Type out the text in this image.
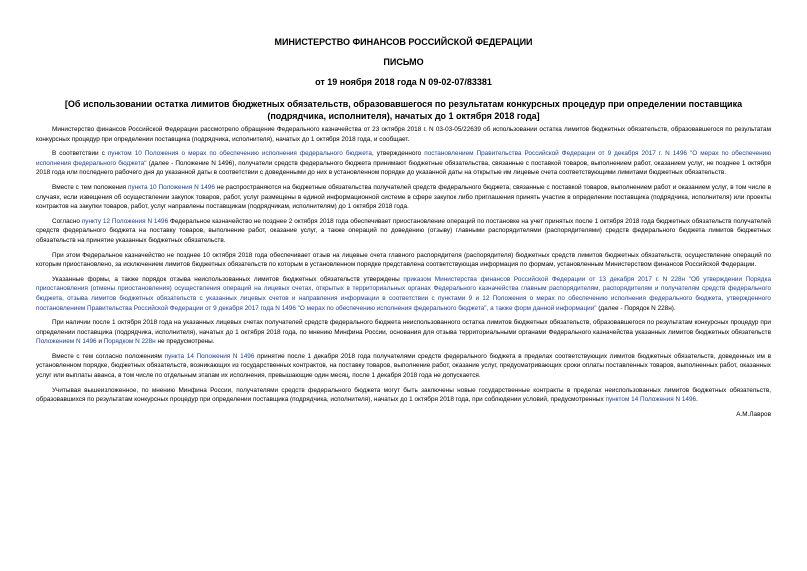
МИНИСТЕРСТВО ФИНАНСОВ РОССИЙСКОЙ ФЕДЕРАЦИИ
ПИСЬМО
от 19 ноября 2018 года N 09-02-07/83381
[Об использовании остатка лимитов бюджетных обязательств, образовавшегося по результатам конкурсных процедур при определении поставщика (подрядчика, исполнителя), начатых до 1 октября 2018 года]

Министерство финансов Российской Федерации рассмотрело обращение Федерального казначейства от 23 октября 2018 г. N 03-03-05/22639 об использовании остатка лимитов бюджетных обязательств, образовавшегося по результатам конкурсных процедур при определении поставщика (подрядчика, исполнителя), начатых до 1 октября 2018 года, и сообщает.

В соответствии с пунктом 10 Положения о мерах по обеспечению исполнения федерального бюджета, утвержденного постановлением Правительства Российской Федерации от 9 декабря 2017 г. N 1496 "О мерах по обеспечению исполнения федерального бюджета" (далее - Положение N 1496), получатели средств федерального бюджета принимают бюджетные обязательства, связанные с поставкой товаров, выполнением работ, оказанием услуг, не позднее 1 октября 2018 года или последнего рабочего дня до указанной даты в соответствии с доведенными до них в установленном порядке до указанной даты на открытые им лицевые счета соответствующими лимитами бюджетных обязательств.

Вместе с тем положения пункта 10 Положения N 1496 не распространяются на бюджетные обязательства получателей средств федерального бюджета, связанные с поставкой товаров, выполнением работ и оказанием услуг, в том числе в случаях, если извещения об осуществлении закупок товаров, работ, услуг размещены в единой информационной системе в сфере закупок либо приглашения принять участие в определении поставщика (подрядчика, исполнителя) или проекты контрактов на закупки товаров, работ, услуг направлены поставщикам (подрядчикам, исполнителям) до 1 октября 2018 года.

Согласно пункту 12 Положения N 1496 Федеральное казначейство не позднее 2 октября 2018 года обеспечивает приостановление операций по постановке на учет принятых после 1 октября 2018 года бюджетных обязательств получателей средств федерального бюджета на поставку товаров, выполнение работ, оказание услуг, а также операций по доведению (отзыву) главными распорядителями (распорядителями) средств федерального бюджета лимитов бюджетных обязательств на принятие указанных бюджетных обязательств.

При этом Федеральное казначейство не позднее 10 октября 2018 года обеспечивает отзыв на лицевые счета главного распорядителя (распорядителя) бюджетных средств лимитов бюджетных обязательств, осуществление операций по которым приостановлено, за исключением лимитов бюджетных обязательств по которым в установленном порядке представлена соответствующая информация по формам, установленным Министерством финансов Российской Федерации.

Указанные формы, а также порядок отзыва неиспользованных лимитов бюджетных обязательств утверждены приказом Министерства финансов Российской Федерации от 13 декабря 2017 г. N 228н "Об утверждении Порядка приостановления (отмены приостановления) осуществления операций на лицевых счетах, открытых в территориальных органах Федерального казначейства главным распорядителям, распорядителям и получателям средств федерального бюджета, отзыва лимитов бюджетных обязательств с указанных лицевых счетов и направления информации в соответствии с пунктами 9 и 12 Положения о мерах по обеспечению исполнения федерального бюджета, утвержденного постановлением Правительства Российской Федерации от 9 декабря 2017 года N 1496 "О мерах по обеспечению исполнения федерального бюджета", а также форм данной информации" (далее - Порядок N 228н).

При наличии после 1 октября 2018 года на указанных лицевых счетах получателей средств федерального бюджета неиспользованного остатка лимитов бюджетных обязательств, образовавшегося по результатам конкурсных процедур при определении поставщика (подрядчика, исполнителя), начатых до 1 октября 2018 года, по мнению Минфина России, основания для отзыва территориальными органами Федерального казначейства указанных лимитов бюджетных обязательств Положением N 1496 и Порядком N 228н не предусмотрены.

Вместе с тем согласно положениям пункта 14 Положения N 1496 принятие после 1 декабря 2018 года получателями средств федерального бюджета в пределах соответствующих лимитов бюджетных обязательств, доведенных им в установленном порядке, бюджетных обязательств, возникающих из государственных контрактов, на поставку товаров, выполнение работ, оказание услуг, предусматривающих сроки оплаты поставленных товаров, выполненных работ, оказанных услуг или выплаты аванса, в том числе по отдельным этапам их исполнения, превышающие один месяц, после 1 декабря 2018 года не допускается.

Учитывая вышеизложенное, по мнению Минфина России, получателями средств федерального бюджета могут быть заключены новые государственные контракты в пределах неиспользованных лимитов бюджетных обязательств, образовавшихся по результатам конкурсных процедур при определении поставщика (подрядчика, исполнителя), начатых до 1 октября 2018 года, при соблюдении условий, предусмотренных пунктом 14 Положения N 1496.

А.М.Лавров
